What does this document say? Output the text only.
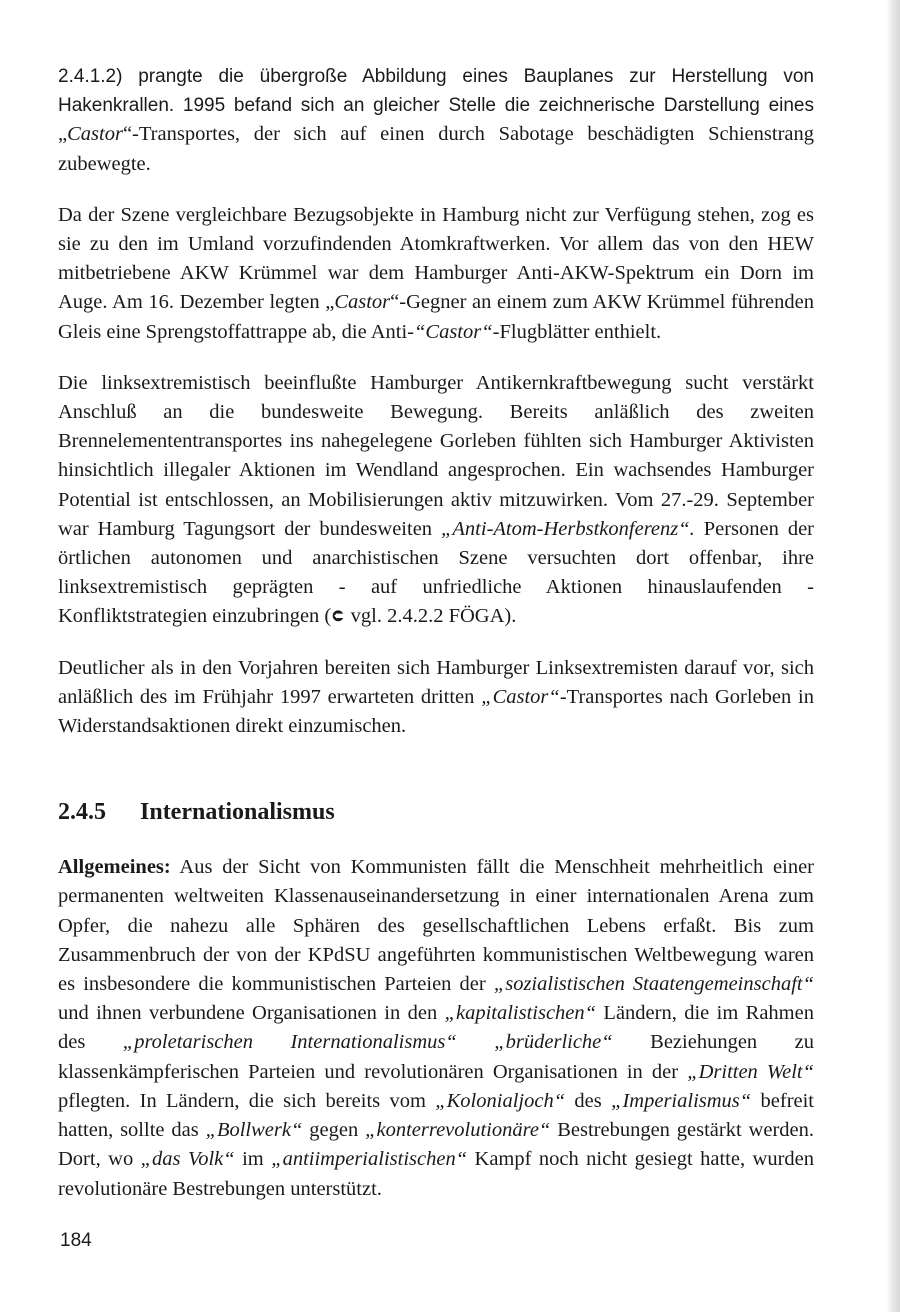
2.4.1.2) prangte die übergroße Abbildung eines Bauplanes zur Herstellung von Hakenkrallen. 1995 befand sich an gleicher Stelle die zeichnerische Darstellung eines „Castor“-Transportes, der sich auf einen durch Sabotage beschädigten Schienstrang zubewegte.

Da der Szene vergleichbare Bezugsobjekte in Hamburg nicht zur Verfügung stehen, zog es sie zu den im Umland vorzufindenden Atomkraftwerken. Vor allem das von den HEW mitbetriebene AKW Krümmel war dem Hamburger Anti-AKW-Spektrum ein Dorn im Auge. Am 16. Dezember legten „Castor“-Gegner an einem zum AKW Krümmel führenden Gleis eine Sprengstoffattrappe ab, die Anti-“Castor“-Flugblätter enthielt.

Die linksextremistisch beeinflußte Hamburger Antikernkraftbewegung sucht verstärkt Anschluß an die bundesweite Bewegung. Bereits anläßlich des zweiten Brennelemententransportes ins nahegelegene Gorleben fühlten sich Hamburger Aktivisten hinsichtlich illegaler Aktionen im Wendland angesprochen. Ein wachsendes Hamburger Potential ist entschlossen, an Mobilisierungen aktiv mitzuwirken. Vom 27.-29. September war Hamburg Tagungsort der bundesweiten „Anti-Atom-Herbstkonferenz“. Personen der örtlichen autonomen und anarchistischen Szene versuchten dort offenbar, ihre linksextremistisch geprägten - auf unfriedliche Aktionen hinauslaufenden - Konfliktstrategien einzubringen (➲ vgl. 2.4.2.2 FÖGA).

Deutlicher als in den Vorjahren bereiten sich Hamburger Linksextremisten darauf vor, sich anläßlich des im Frühjahr 1997 erwarteten dritten „Castor“-Transportes nach Gorleben in Widerstandsaktionen direkt einzumischen.

2.4.5 Internationalismus

Allgemeines: Aus der Sicht von Kommunisten fällt die Menschheit mehrheitlich einer permanenten weltweiten Klassenauseinandersetzung in einer internationalen Arena zum Opfer, die nahezu alle Sphären des gesellschaftlichen Lebens erfaßt. Bis zum Zusammenbruch der von der KPdSU angeführten kommunistischen Weltbewegung waren es insbesondere die kommunistischen Parteien der „sozialistischen Staatengemeinschaft“ und ihnen verbundene Organisationen in den „kapitalistischen“ Ländern, die im Rahmen des „proletarischen Internationalismus“ „brüderliche“ Beziehungen zu klassenkämpferischen Parteien und revolutionären Organisationen in der „Dritten Welt“ pflegten. In Ländern, die sich bereits vom „Kolonialjoch“ des „Imperialismus“ befreit hatten, sollte das „Bollwerk“ gegen „konterrevolutionäre“ Bestrebungen gestärkt werden. Dort, wo „das Volk“ im „antiimperialistischen“ Kampf noch nicht gesiegt hatte, wurden revolutionäre Bestrebungen unterstützt.

184
